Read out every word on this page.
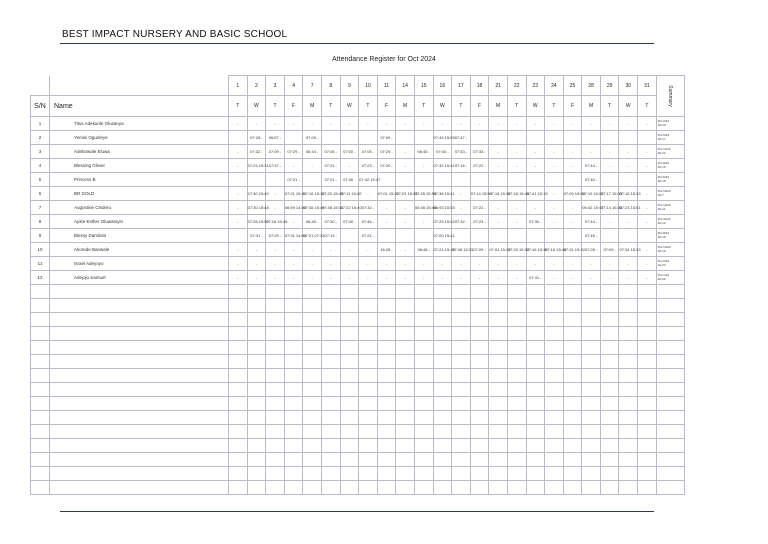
BEST IMPACT NURSERY AND BASIC SCHOOL
Attendance Register for Oct 2024
		1	2	3	4	7	8	9	10	11	14	15	16	17	18	21	22	23	24	25	28	29	30	31	Summary

S/N	Name	T	W	T	F	M	T	W	T	F	M	T	W	T	F	M	T	W	T	F	M	T	W	T	
1	Titus Adekunle Olusanya	-	-	-	-	-	-	-	-	-	-	-	-	-	-	-	-	-	-	-	-	-	-	-	Pre:0/23
Ab:23

2	Yemisi Ogunleye		07:28 -	06:57 -		07:09 -				07:09 -			07:49 15:53	07:47 -											Pre:6/23
Ab:17

3	Adebowale Eluwa	-	07:32 -	07:09 -	07:29 -	06:44 -	07:05 -	07:00 -	07:05 -	07:29 -	-	06:45 -	07:00 -	07:43 -	07:33 -	-	-	-	-	-	-	-	-	-	Pre:11/23
Ab:12

4	Blessing Olivier	-	07:23 15:31	07:37 -	-	-	07:21 -	-	07:23 -	07:20 -	-	-	07:32 15:41	07:16 -	07:22 -	-	-	-	-	-	07:44 -	-	-	-	Pre:8/23
Ab:15

5	Princess B				07:21 -		07:21 -	07:40 -	07:42 15:47												07:40 -				Pre:5/23
Ab:18

6	BR GOLD	-	07:30 15:40	-	07:21 15:31	07:16 15:10	07:20 15:40	07:11 15:20	-	07:01 15:22	07:23 15:33	07:35 15:55	07:36 15:41	-	07:14 15:50	07:18 15:32	07:18 15:44	07:41 15:15	-	07:09 15:54	07:19 15:22	07:17 15:33	07:18 15:33	-	Pre:16/23
Ab:7

7	Augustine Chideru	-	07:30 15:48	-	06:59 14:50	07:45 15:49	07:48 15:31	07:22 15:40	07:32 -	-	-	06:45 15:45	06:53 15:53	-	07:22 -	-	-	-	-	-	06:42 15:47	07:14 15:38	07:23 15:51	-	Pre:12/23
Ab:11

8	Ajoke Esther Oluwatoyin	-	07:28 15:50	07:16 15:49	-	06:40 -	07:30 -	07:40 -	07:46 -	-	-	-	07:29 15:42	07:32 -	07:23 -	-	-	07:30 -	-	-	07:44 -	-	-	-	Pre:11/23
Ab:12

9	Blessy Damilola		07:31 -	07:29 -	07:31 14:50	07:21 07:33	07:19 -		07:21 -				07:00 15:41								07:49 -				Pre:8/23
Ab:15

10	Akorede Banwale	-	-	-	-	-	-	-	-	16:28 -	-	06:48 -	07:24 15:18	07:45 15:33	07:09 -	07:04 15:23	07:20 15:32	07:16 15:36	07:16 15:45	07:31 15:32	07:28 -	07:09 -	07:34 15:33	-	Pre:13/23
Ab:10

11	Israel Adeyoyo	-	-	-	-	-	-	-	-	-	-	-	-	-	-	-	-	-	-	-	-	-	-	-	Pre:0/23
Ab:23

12	Adejoju Samuel	-	-	-	-	-	-	-	-	-	-	-	-	-	-	-	-	07:41 -	-	-	-	-	-	-	Pre:1/23
Ab:22
